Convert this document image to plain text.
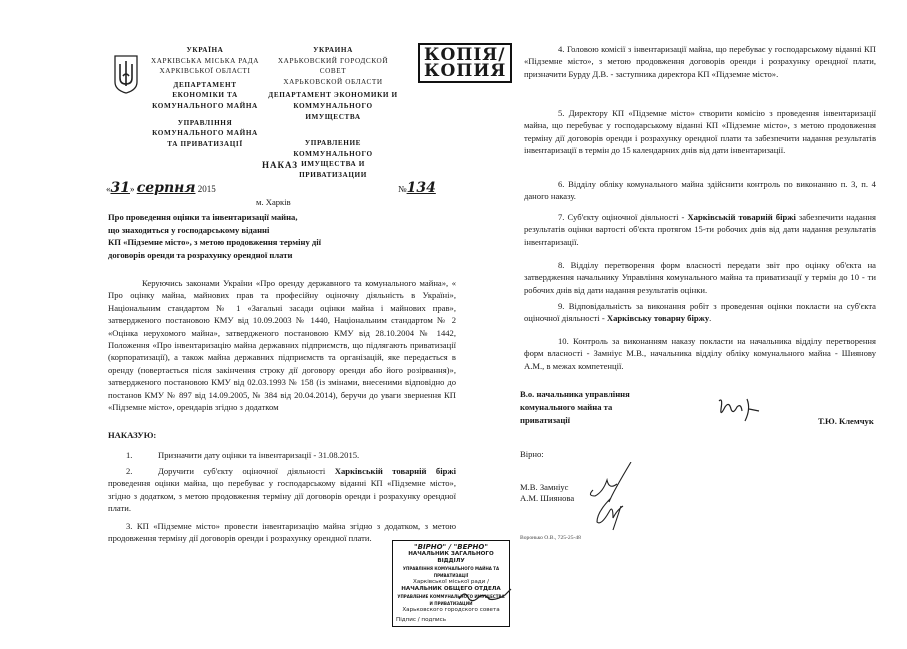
УКРАЇНА
ХАРКІВСЬКА МІСЬКА РАДА
ХАРКІВСЬКОЇ ОБЛАСТІ
ДЕПАРТАМЕНТ
ЕКОНОМІКИ ТА
КОМУНАЛЬНОГО МАЙНА
УПРАВЛІННЯ
КОМУНАЛЬНОГО МАЙНА
ТА ПРИВАТИЗАЦІЇ
УКРАИНА
ХАРЬКОВСКИЙ ГОРОДСКОЙ СОВЕТ
ХАРЬКОВСКОЙ ОБЛАСТИ
ДЕПАРТАМЕНТ ЭКОНОМИКИ И
КОММУНАЛЬНОГО ИМУЩЕСТВА
УПРАВЛЕНИЕ КОММУНАЛЬНОГО
ИМУЩЕСТВА И ПРИВАТИЗАЦИИ
КОПІЯ/
КОПИЯ
НАКАЗ
«31» серпня 2015	№134
м. Харків
Про проведення оцінки та інвентаризації майна,
що знаходиться у господарському віданні
КП «Підземне місто», з метою продовження терміну дії
договорів оренди та розрахунку орендної плати
Керуючись законами України «Про оренду державного та комунального майна», « Про оцінку майна, майнових прав та професійну оціночну діяльність в Україні», Національним стандартом № 1 «Загальні засади оцінки майна і майнових прав», затвердженого постановою КМУ від 10.09.2003 № 1440, Національним стандартом № 2 «Оцінка нерухомого майна», затвердженого постановою КМУ від 28.10.2004 № 1442, Положення «Про інвентаризацію майна державних підприємств, що підлягають приватизації (корпоратизації), а також майна державних підприємств та організацій, яке передається в оренду (повертається після закінчення строку дії договору оренди або його розірвання)», затвердженого постановою КМУ від 02.03.1993 № 158 (із змінами, внесеними відповідно до постанов КМУ № 897 від 14.09.2005, № 384 від 20.04.2014), беручи до уваги звернення КП «Підземне місто», орендарів згідно з додатком
НАКАЗУЮ:
1.	Призначити дату оцінки та інвентаризації - 31.08.2015.
2.	Доручити суб'єкту оціночної діяльності Харківській товарній біржі проведення оцінки майна, що перебуває у господарському віданні КП «Підземне місто», згідно з додатком, з метою продовження терміну дії договорів оренди і розрахунку орендної плати.
3. КП «Підземне місто» провести інвентаризацію майна згідно з додатком, з метою продовження терміну дії договорів оренди і розрахунку орендної плати.
4. Головою комісії з інвентаризації майна, що перебуває у господарському віданні КП «Підземне місто», з метою продовження договорів оренди і розрахунку орендної плати, призначити Бурду Д.В. - заступника директора КП «Підземне місто».
5. Директору КП «Підземне місто» створити комісію з проведення інвентаризації майна, що перебуває у господарському віданні КП «Підземне місто», з метою продовження терміну дії договорів оренди і розрахунку орендної плати та забезпечити надання результатів інвентаризації в термін до 15 календарних днів від дати інвентаризації.
6. Відділу обліку комунального майна здійснити контроль по виконанню п. 3, п. 4 даного наказу.
7. Суб'єкту оціночної діяльності - Харківській товарній біржі забезпечити надання результатів оцінки вартості об'єкта протягом 15-ти робочих днів від дати надання результатів інвентаризації.
8. Відділу перетворення форм власності передати звіт про оцінку об'єкта на затвердження начальнику Управління комунального майна та приватизації у термін до 10 - ти робочих днів від дати надання результатів оцінки.
9. Відповідальність за виконання робіт з проведення оцінки покласти на суб'єкта оціночної діяльності - Харківську товарну біржу.
10. Контроль за виконанням наказу покласти на начальника відділу перетворення форм власності - Замніус М.В., начальника відділу обліку комунального майна - Шиянову А.М., в межах компетенції.
В.о. начальника управління
комунального майна та
приватизації	Т.Ю. Клемчук
Вірно:
М.В. Замніус
А.М. Шиянова
Воронько О.В., 725-25-48
"ВІРНО" / "ВЕРНО"
НАЧАЛЬНИК ЗАГАЛЬНОГО ВІДДІЛУ
УПРАВЛІННЯ КОМУНАЛЬНОГО МАЙНА ТА ПРИВАТИЗАЦІЇ
Харківської міської ради /
НАЧАЛЬНИК ОБЩЕГО ОТДЕЛА
УПРАВЛЕНИЕ КОММУНАЛЬНОГО ИМУЩЕСТВА И ПРИВАТИЗАЦИИ
Харьковского городского совета
Підпис / подпись
